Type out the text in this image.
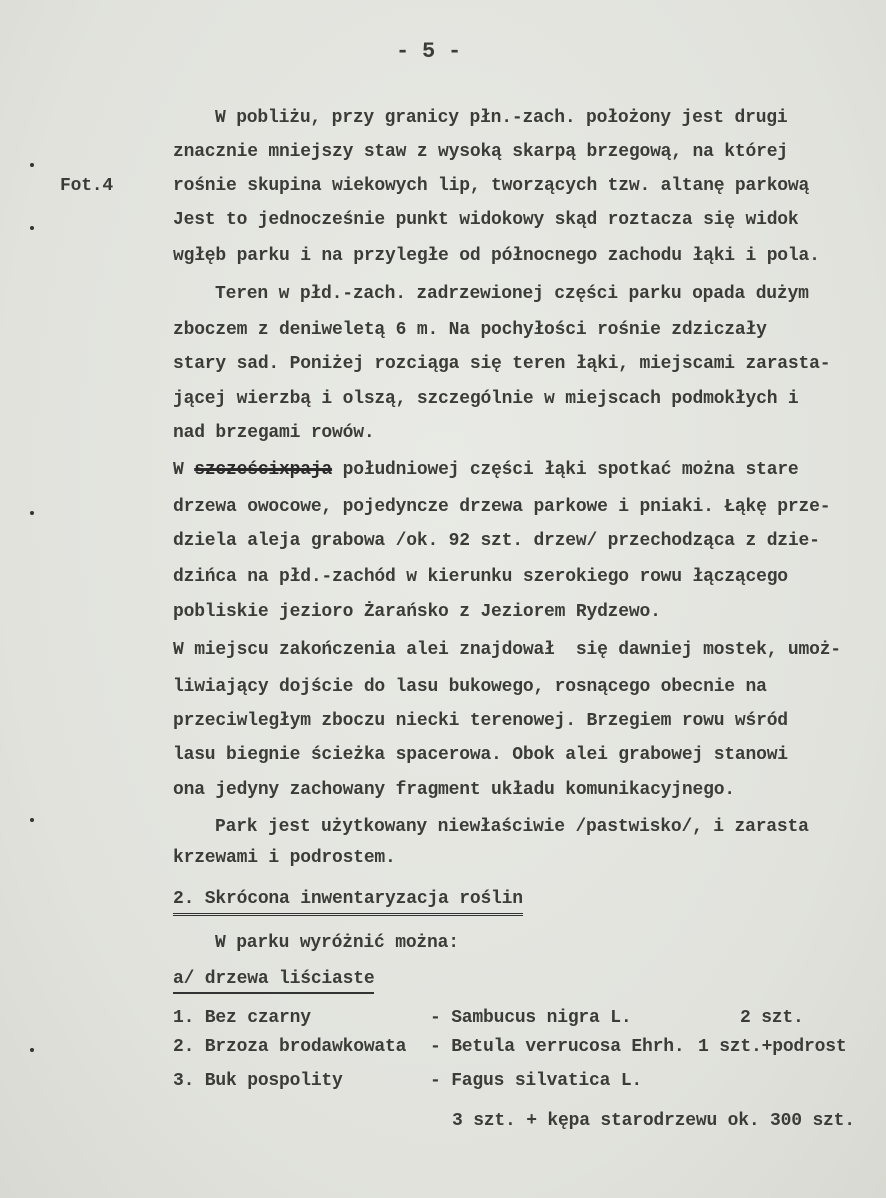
- 5 -
Fot.4
W pobliżu, przy granicy płn.-zach. położony jest drugi
znacznie mniejszy staw z wysoką skarpą brzegową, na której
rośnie skupina wiekowych lip, tworzących tzw. altanę parkową
Jest to jednocześnie punkt widokowy skąd roztacza się widok
wgłęb parku i na przyległe od północnego zachodu łąki i pola.
Teren w płd.-zach. zadrzewionej części parku opada dużym
zboczem z deniweletą 6 m. Na pochyłości rośnie zdziczały
stary sad. Poniżej rozciąga się teren łąki, miejscami zarasta-
jącej wierzbą i olszą, szczególnie w miejscach podmokłych i
nad brzegami rowów.
W szcześcixpaja południowej części łąki spotkać można stare
drzewa owocowe, pojedyncze drzewa parkowe i pniaki. Łąkę prze-
dziela aleja grabowa /ok. 92 szt. drzew/ przechodząca z dzie-
dzińca na płd.-zachód w kierunku szerokiego rowu łączącego
pobliskie jezioro Żarańsko z Jeziorem Rydzewo.
W miejscu zakończenia alei znajdował  się dawniej mostek, umoż-
liwiający dojście do lasu bukowego, rosnącego obecnie na
przeciwległym zboczu niecki terenowej. Brzegiem rowu wśród
lasu biegnie ścieżka spacerowa. Obok alei grabowej stanowi
ona jedyny zachowany fragment układu komunikacyjnego.
Park jest użytkowany niewłaściwie /pastwisko/, i zarasta
krzewami i podrostem.
2. Skrócona inwentaryzacja roślin
W parku wyróżnić można:
a/ drzewa liściaste
1. Bez czarny	- Sambucus nigra L.	2 szt.
2. Brzoza brodawkowata - Betula verrucosa Ehrh. 1 szt.+podrost
3. Buk pospolity	- Fagus silvatica L.
3 szt. + kępa starodrzewu ok. 300 szt.
